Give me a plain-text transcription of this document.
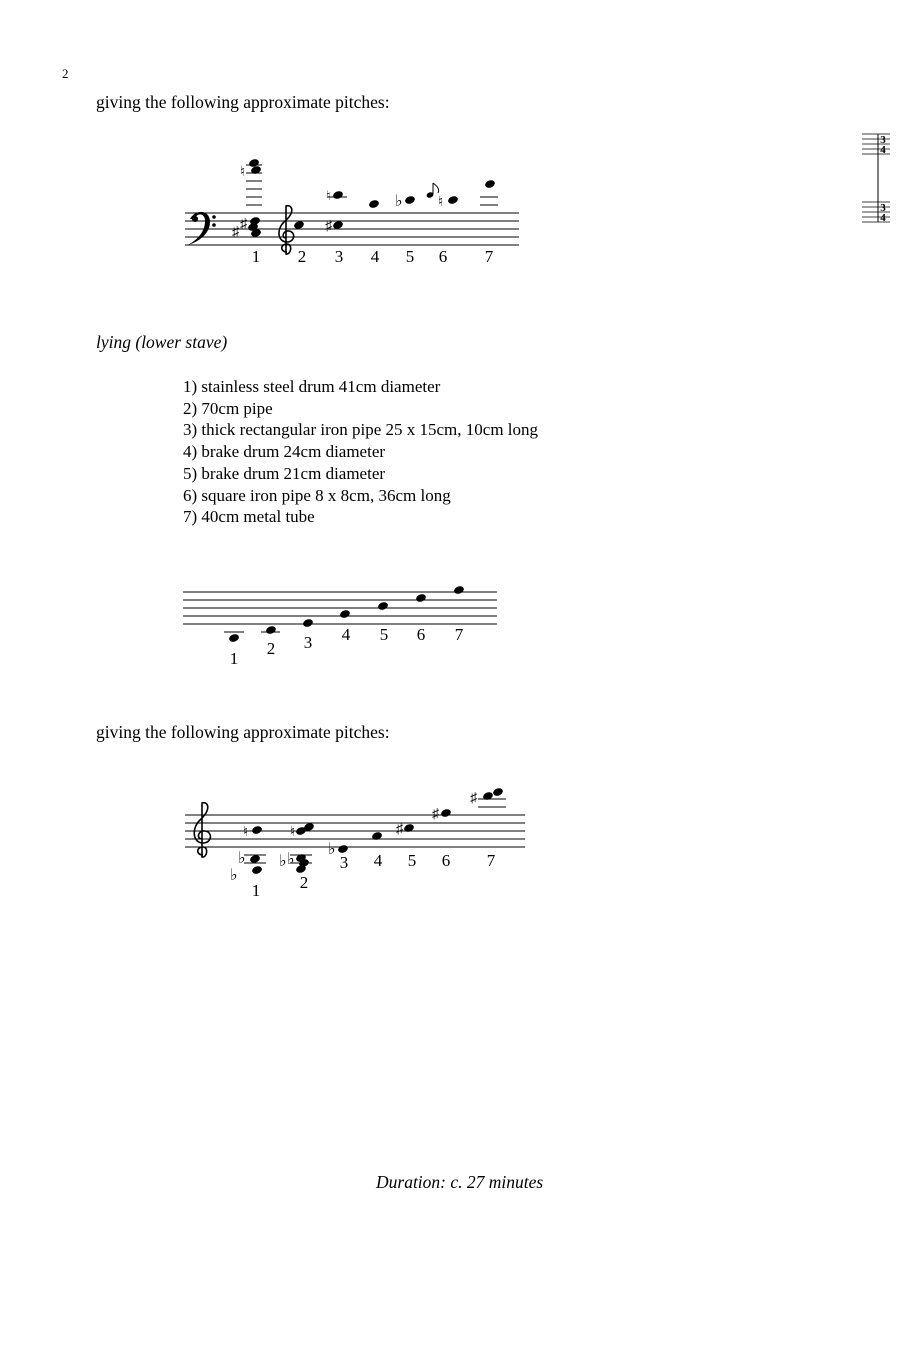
2
giving the following approximate pitches:
♯
♯
♮
♯
♮	♭	♮
1 2 3 4 5 6 7
3
4
3
4
lying (lower stave)
1) stainless steel drum 41cm diameter
2) 70cm pipe
3) thick rectangular iron pipe 25 x 15cm, 10cm long
4) brake drum 24cm diameter
5) brake drum 21cm diameter
6) square iron pipe 8 x 8cm, 36cm long
7) 40cm metal tube
1
2 3 4 5 6 7
giving the following approximate pitches:
♭
♭
♮
♭ ♭
♮
♭
♯
♯
♯
1 2
3 4 5 6 7
Duration: c. 27 minutes
